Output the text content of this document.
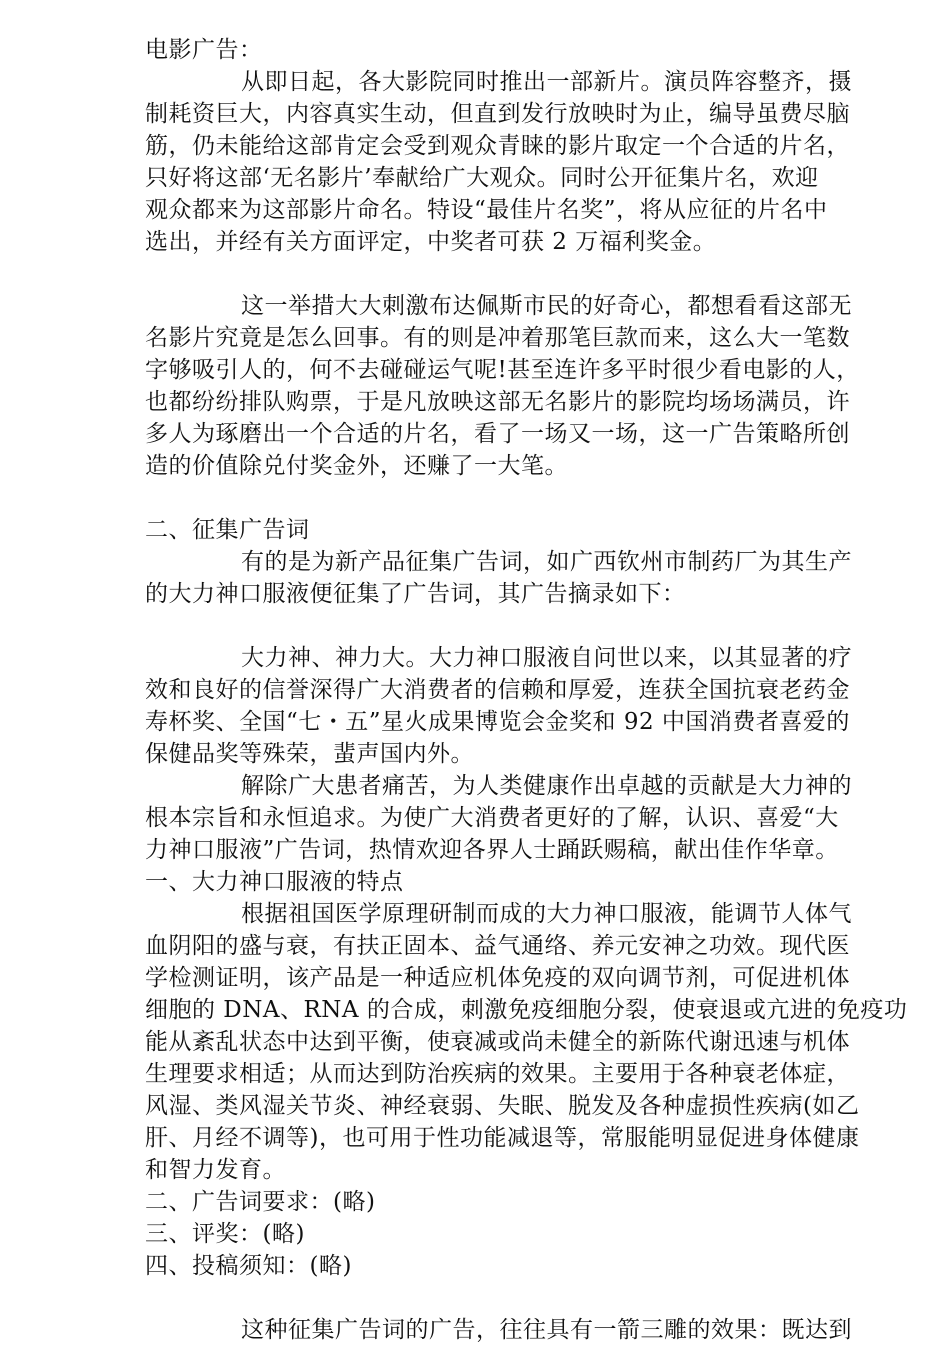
电影广告：
从即日起，各大影院同时推出一部新片。演员阵容整齐，摄
制耗资巨大，内容真实生动，但直到发行放映时为止，编导虽费尽脑
筋，仍未能给这部肯定会受到观众青睐的影片取定一个合适的片名，
只好将这部‘无名影片’奉献给广大观众。同时公开征集片名，欢迎
观众都来为这部影片命名。特设“最佳片名奖”，将从应征的片名中
选出，并经有关方面评定，中奖者可获 2 万福利奖金。
这一举措大大刺激布达佩斯市民的好奇心，都想看看这部无
名影片究竟是怎么回事。有的则是冲着那笔巨款而来，这么大一笔数
字够吸引人的，何不去碰碰运气呢!甚至连许多平时很少看电影的人，
也都纷纷排队购票，于是凡放映这部无名影片的影院均场场满员，许
多人为琢磨出一个合适的片名，看了一场又一场，这一广告策略所创
造的价值除兑付奖金外，还赚了一大笔。
二、征集广告词
有的是为新产品征集广告词，如广西钦州市制药厂为其生产
的大力神口服液便征集了广告词，其广告摘录如下：
大力神、神力大。大力神口服液自问世以来，以其显著的疗
效和良好的信誉深得广大消费者的信赖和厚爱，连获全国抗衰老药金
寿杯奖、全国“七・五”星火成果博览会金奖和 92 中国消费者喜爱的
保健品奖等殊荣，蜚声国内外。
解除广大患者痛苦，为人类健康作出卓越的贡献是大力神的
根本宗旨和永恒追求。为使广大消费者更好的了解，认识、喜爱“大
力神口服液”广告词，热情欢迎各界人士踊跃赐稿，献出佳作华章。
一、大力神口服液的特点
根据祖国医学原理研制而成的大力神口服液，能调节人体气
血阴阳的盛与衰，有扶正固本、益气通络、养元安神之功效。现代医
学检测证明，该产品是一种适应机体免疫的双向调节剂，可促进机体
细胞的 DNA、RNA 的合成，刺激免疫细胞分裂，使衰退或亢进的免疫功
能从紊乱状态中达到平衡，使衰减或尚未健全的新陈代谢迅速与机体
生理要求相适；从而达到防治疾病的效果。主要用于各种衰老体症，
风湿、类风湿关节炎、神经衰弱、失眠、脱发及各种虚损性疾病(如乙
肝、月经不调等)，也可用于性功能减退等，常服能明显促进身体健康
和智力发育。
二、广告词要求：(略)
三、评奖：(略)
四、投稿须知：(略)
这种征集广告词的广告，往往具有一箭三雕的效果：既达到
